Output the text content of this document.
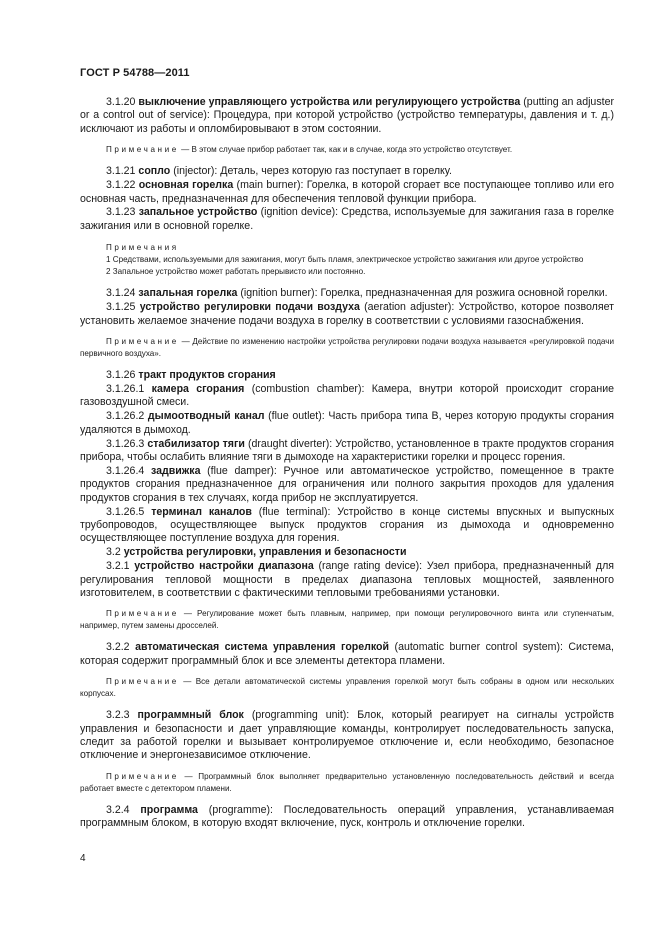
ГОСТ Р 54788—2011

3.1.20 выключение управляющего устройства или регулирующего устройства (putting an adjuster or a control out of service): Процедура, при которой устройство (устройство температуры, давления и т. д.) исключают из работы и опломбировывают в этом состоянии.

Примечание — В этом случае прибор работает так, как и в случае, когда это устройство отсутствует.

3.1.21 сопло (injector): Деталь, через которую газ поступает в горелку.

3.1.22 основная горелка (main burner): Горелка, в которой сгорает все поступающее топливо или его основная часть, предназначенная для обеспечения тепловой функции прибора.

3.1.23 запальное устройство (ignition device): Средства, используемые для зажигания газа в горелке зажигания или в основной горелке.

Примечания

1 Средствами, используемыми для зажигания, могут быть пламя, электрическое устройство зажигания или другое устройство

2 Запальное устройство может работать прерывисто или постоянно.

3.1.24 запальная горелка (ignition burner): Горелка, предназначенная для розжига основной горелки.

3.1.25 устройство регулировки подачи воздуха (aeration adjuster): Устройство, которое позволяет установить желаемое значение подачи воздуха в горелку в соответствии с условиями газоснабжения.

Примечание — Действие по изменению настройки устройства регулировки подачи воздуха называется «регулировкой подачи первичного воздуха».

3.1.26 тракт продуктов сгорания

3.1.26.1 камера сгорания (combustion chamber): Камера, внутри которой происходит сгорание газовоздушной смеси.

3.1.26.2 дымоотводный канал (flue outlet): Часть прибора типа В, через которую продукты сгорания удаляются в дымоход.

3.1.26.3 стабилизатор тяги (draught diverter): Устройство, установленное в тракте продуктов сгорания прибора, чтобы ослабить влияние тяги в дымоходе на характеристики горелки и процесс горения.

3.1.26.4 задвижка (flue damper): Ручное или автоматическое устройство, помещенное в тракте продуктов сгорания предназначенное для ограничения или полного закрытия проходов для удаления продуктов сгорания в тех случаях, когда прибор не эксплуатируется.

3.1.26.5 терминал каналов (flue terminal): Устройство в конце системы впускных и выпускных трубопроводов, осуществляющее выпуск продуктов сгорания из дымохода и одновременно осуществляющее поступление воздуха для горения.

3.2 устройства регулировки, управления и безопасности

3.2.1 устройство настройки диапазона (range rating device): Узел прибора, предназначенный для регулирования тепловой мощности в пределах диапазона тепловых мощностей, заявленного изготовителем, в соответствии с фактическими тепловыми требованиями установки.

Примечание — Регулирование может быть плавным, например, при помощи регулировочного винта или ступенчатым, например, путем замены дросселей.

3.2.2 автоматическая система управления горелкой (automatic burner control system): Система, которая содержит программный блок и все элементы детектора пламени.

Примечание — Все детали автоматической системы управления горелкой могут быть собраны в одном или нескольких корпусах.

3.2.3 программный блок (programming unit): Блок, который реагирует на сигналы устройств управления и безопасности и дает управляющие команды, контролирует последовательность запуска, следит за работой горелки и вызывает контролируемое отключение и, если необходимо, безопасное отключение и энергонезависимое отключение.

Примечание — Программный блок выполняет предварительно установленную последовательность действий и всегда работает вместе с детектором пламени.

3.2.4 программа (programme): Последовательность операций управления, устанавливаемая программным блоком, в которую входят включение, пуск, контроль и отключение горелки.

4
